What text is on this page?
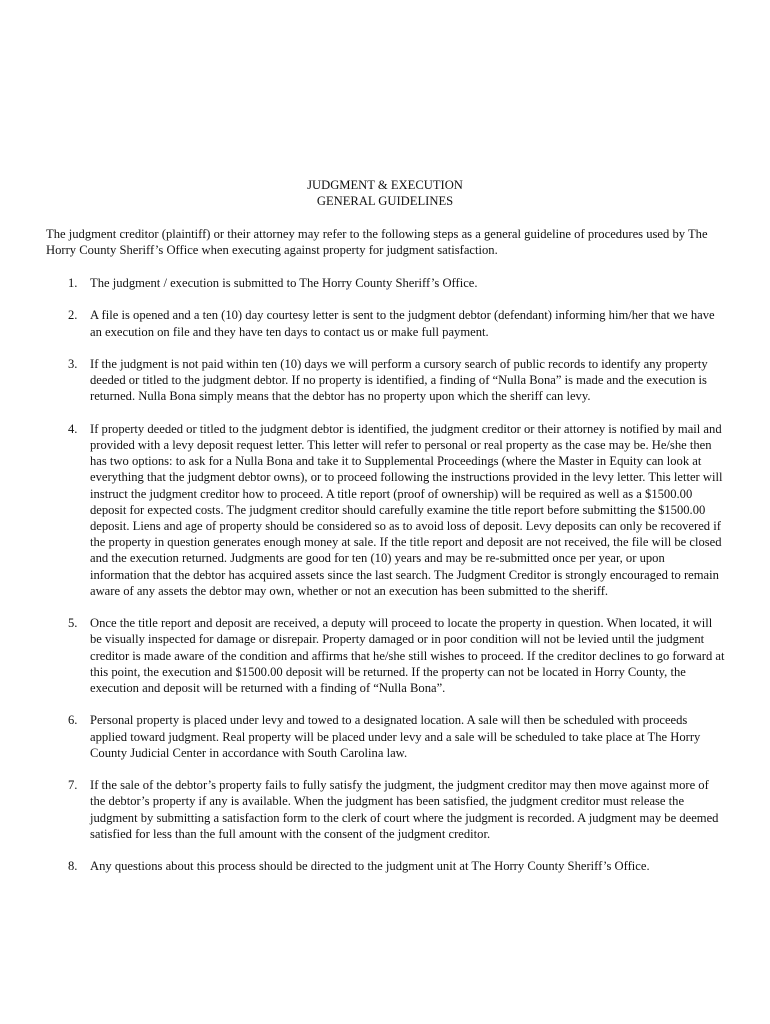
JUDGMENT & EXECUTION
GENERAL GUIDELINES

The judgment creditor (plaintiff) or their attorney may refer to the following steps as a general guideline of procedures used by The Horry County Sheriff’s Office when executing against property for judgment satisfaction.

1. The judgment / execution is submitted to The Horry County Sheriff’s Office.
2. A file is opened and a ten (10) day courtesy letter is sent to the judgment debtor (defendant) informing him/her that we have an execution on file and they have ten days to contact us or make full payment.
3. If the judgment is not paid within ten (10) days we will perform a cursory search of public records to identify any property deeded or titled to the judgment debtor. If no property is identified, a finding of “Nulla Bona” is made and the execution is returned. Nulla Bona simply means that the debtor has no property upon which the sheriff can levy.
4. If property deeded or titled to the judgment debtor is identified, the judgment creditor or their attorney is notified by mail and provided with a levy deposit request letter. This letter will refer to personal or real property as the case may be. He/she then has two options: to ask for a Nulla Bona and take it to Supplemental Proceedings (where the Master in Equity can look at everything that the judgment debtor owns), or to proceed following the instructions provided in the levy letter. This letter will instruct the judgment creditor how to proceed. A title report (proof of ownership) will be required as well as a $1500.00 deposit for expected costs. The judgment creditor should carefully examine the title report before submitting the $1500.00 deposit. Liens and age of property should be considered so as to avoid loss of deposit. Levy deposits can only be recovered if the property in question generates enough money at sale. If the title report and deposit are not received, the file will be closed and the execution returned. Judgments are good for ten (10) years and may be re-submitted once per year, or upon information that the debtor has acquired assets since the last search. The Judgment Creditor is strongly encouraged to remain aware of any assets the debtor may own, whether or not an execution has been submitted to the sheriff.
5. Once the title report and deposit are received, a deputy will proceed to locate the property in question. When located, it will be visually inspected for damage or disrepair. Property damaged or in poor condition will not be levied until the judgment creditor is made aware of the condition and affirms that he/she still wishes to proceed. If the creditor declines to go forward at this point, the execution and $1500.00 deposit will be returned. If the property can not be located in Horry County, the execution and deposit will be returned with a finding of “Nulla Bona”.
6. Personal property is placed under levy and towed to a designated location. A sale will then be scheduled with proceeds applied toward judgment. Real property will be placed under levy and a sale will be scheduled to take place at The Horry County Judicial Center in accordance with South Carolina law.
7. If the sale of the debtor’s property fails to fully satisfy the judgment, the judgment creditor may then move against more of the debtor’s property if any is available. When the judgment has been satisfied, the judgment creditor must release the judgment by submitting a satisfaction form to the clerk of court where the judgment is recorded. A judgment may be deemed satisfied for less than the full amount with the consent of the judgment creditor.
8. Any questions about this process should be directed to the judgment unit at The Horry County Sheriff’s Office.
